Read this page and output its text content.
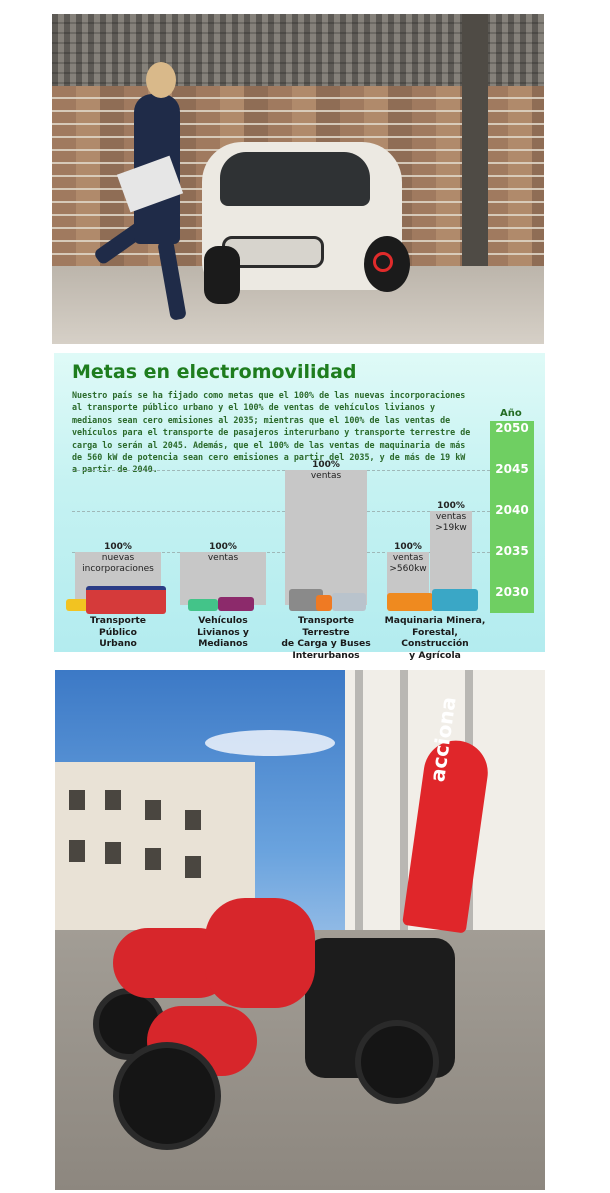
Metas en electromovilidad
Nuestro país se ha fijado como metas que el 100% de las nuevas incorporaciones al transporte público urbano y el 100% de ventas de vehículos livianos y medianos sean cero emisiones al 2035; mientras que el 100% de las ventas de vehículos para el transporte de pasajeros interurbano y transporte terrestre de carga lo serán al 2045. Además, que el 100% de las ventas de maquinaria de más de 560 kW de potencia sean cero emisiones a partir del 2035, y de más de 19 kW a partir de 2040.
Año
2050
2045
2040
2035
2030
100%
nuevas incorporaciones
100%
ventas
100%
ventas
100%
ventas >560kw
100%
ventas >19kw
Transporte
Público
Urbano
Vehículos
Livianos y
Medianos
Transporte Terrestre
de Carga y Buses
Interurbanos
Maquinaria Minera,
Forestal, Construcción
y Agrícola
acciona
